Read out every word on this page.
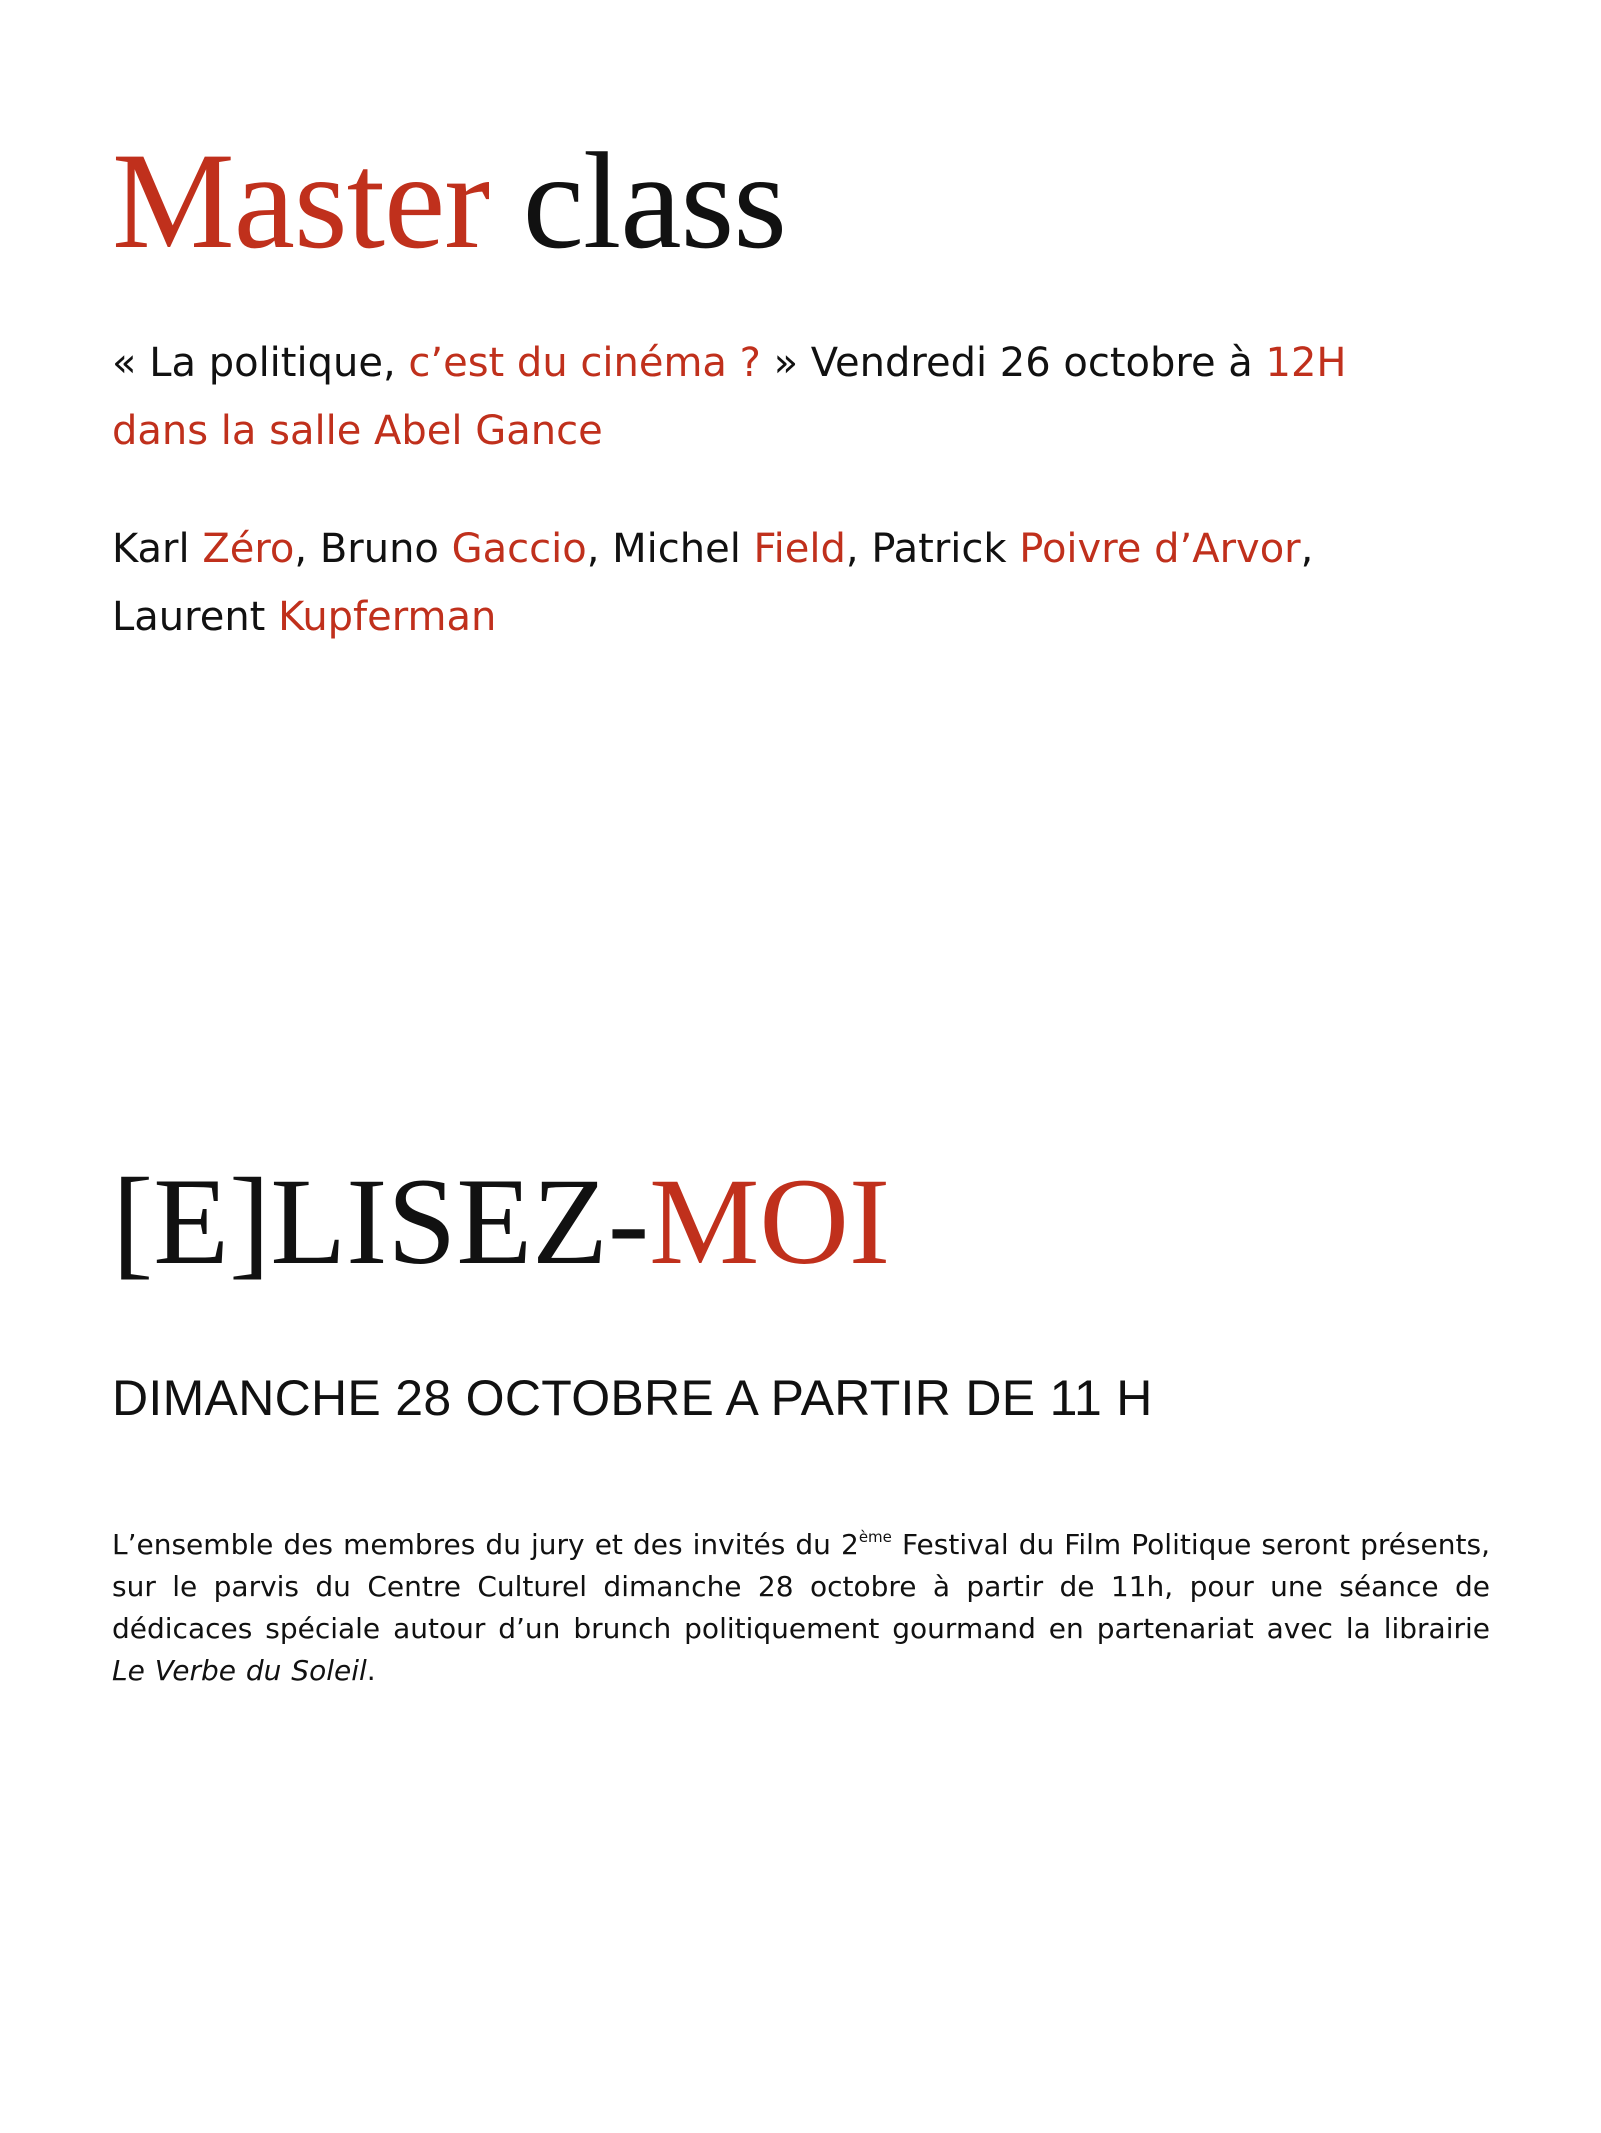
Master class

« La politique, c’est du cinéma ? » Vendredi 26 octobre à 12H

dans la salle Abel Gance

Karl Zéro, Bruno Gaccio, Michel Field, Patrick Poivre d’Arvor,

Laurent Kupferman

[E]LISEZ-MOI

DIMANCHE 28 OCTOBRE A PARTIR DE 11 H

L’ensemble des membres du jury et des invités du 2ème Festival du Film Politique seront présents, sur le parvis du Centre Culturel dimanche 28 octobre à partir de 11h, pour une séance de dédicaces spéciale autour d’un brunch politiquement gourmand en partenariat avec la librairie Le Verbe du Soleil.
